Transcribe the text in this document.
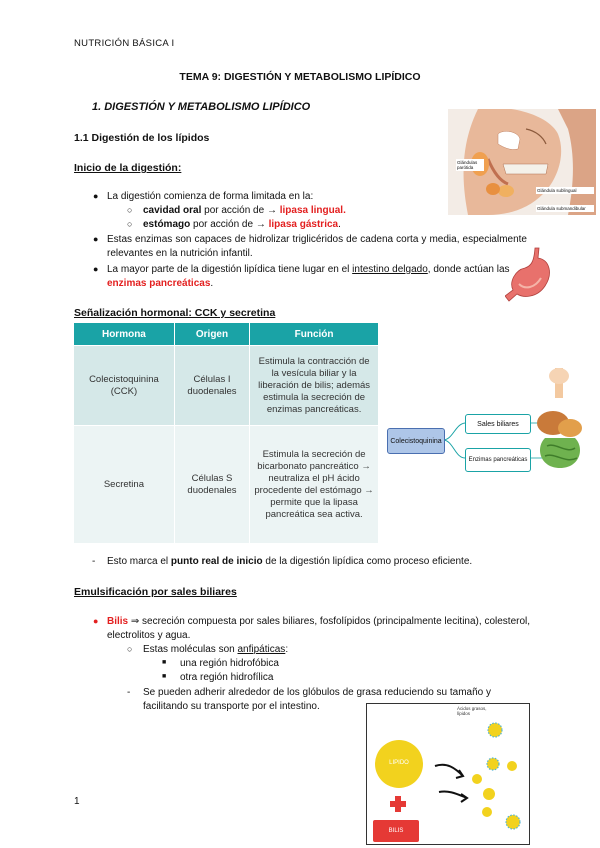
NUTRICIÓN BÁSICA I
TEMA 9: DIGESTIÓN Y METABOLISMO LIPÍDICO
1. DIGESTIÓN Y METABOLISMO LIPÍDICO
1.1 Digestión de los lípidos
Glándulas parótida
Glándula sublingual
Glándula submandibular
Inicio de la digestión:
● La digestión comienza de forma limitada en la:
○ cavidad oral por acción de → lipasa lingual.
○ estómago por acción de → lipasa gástrica.
● Estas enzimas son capaces de hidrolizar triglicéridos de cadena corta y media, especialmente relevantes en la nutrición infantil.
● La mayor parte de la digestión lipídica tiene lugar en el intestino delgado, donde actúan las enzimas pancreáticas.
Señalización hormonal: CCK y secretina
Hormona	Origen	Función
Colecistoquinina (CCK)	Células I duodenales	Estimula la contracción de la vesícula biliar y la liberación de bilis; además estimula la secreción de enzimas pancreáticas.
Secretina	Células S duodenales	Estimula la secreción de bicarbonato pancreático → neutraliza el pH ácido procedente del estómago → permite que la lipasa pancreática sea activa.
Colecistoquinina
Sales biliares
Enzimas pancreáticas
- Esto marca el punto real de inicio de la digestión lipídica como proceso eficiente.
Emulsificación por sales biliares
● Bilis ⇒ secreción compuesta por sales biliares, fosfolípidos (principalmente lecitina), colesterol, electrolitos y agua.
○ Estas moléculas son anfipáticas:
■ una región hidrofóbica
■ otra región hidrofílica
- Se pueden adherir alrededor de los glóbulos de grasa reduciendo su tamaño y facilitando su transporte por el intestino.
LIPIDO
BILIS
Ácidos grasos, lípidos
1
